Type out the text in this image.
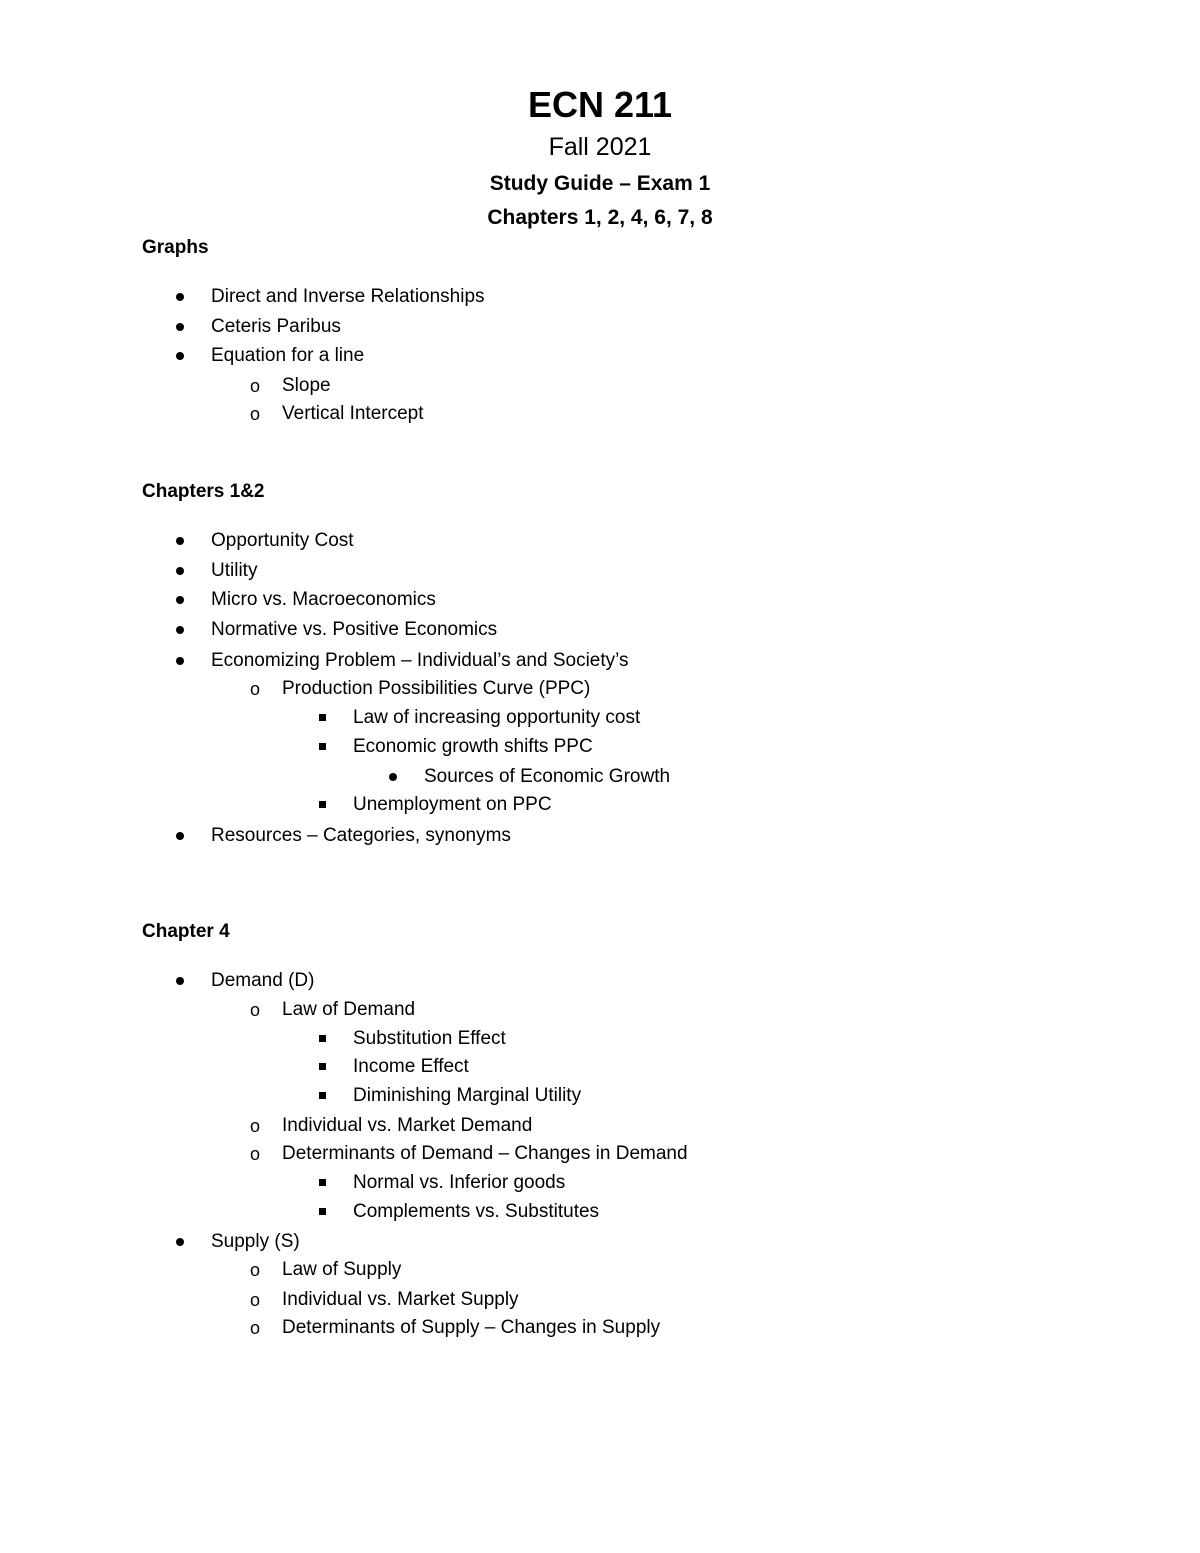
ECN 211
Fall 2021
Study Guide – Exam 1
Chapters 1, 2, 4, 6, 7, 8
Graphs
Direct and Inverse Relationships
Ceteris Paribus
Equation for a line
o Slope
o Vertical Intercept
Chapters 1&2
Opportunity Cost
Utility
Micro vs. Macroeconomics
Normative vs. Positive Economics
Economizing Problem – Individual’s and Society’s
o Production Possibilities Curve (PPC)
Law of increasing opportunity cost
Economic growth shifts PPC
Sources of Economic Growth
Unemployment on PPC
Resources – Categories, synonyms
Chapter 4
Demand (D)
o Law of Demand
Substitution Effect
Income Effect
Diminishing Marginal Utility
o Individual vs. Market Demand
o Determinants of Demand – Changes in Demand
Normal vs. Inferior goods
Complements vs. Substitutes
Supply (S)
o Law of Supply
o Individual vs. Market Supply
o Determinants of Supply – Changes in Supply
